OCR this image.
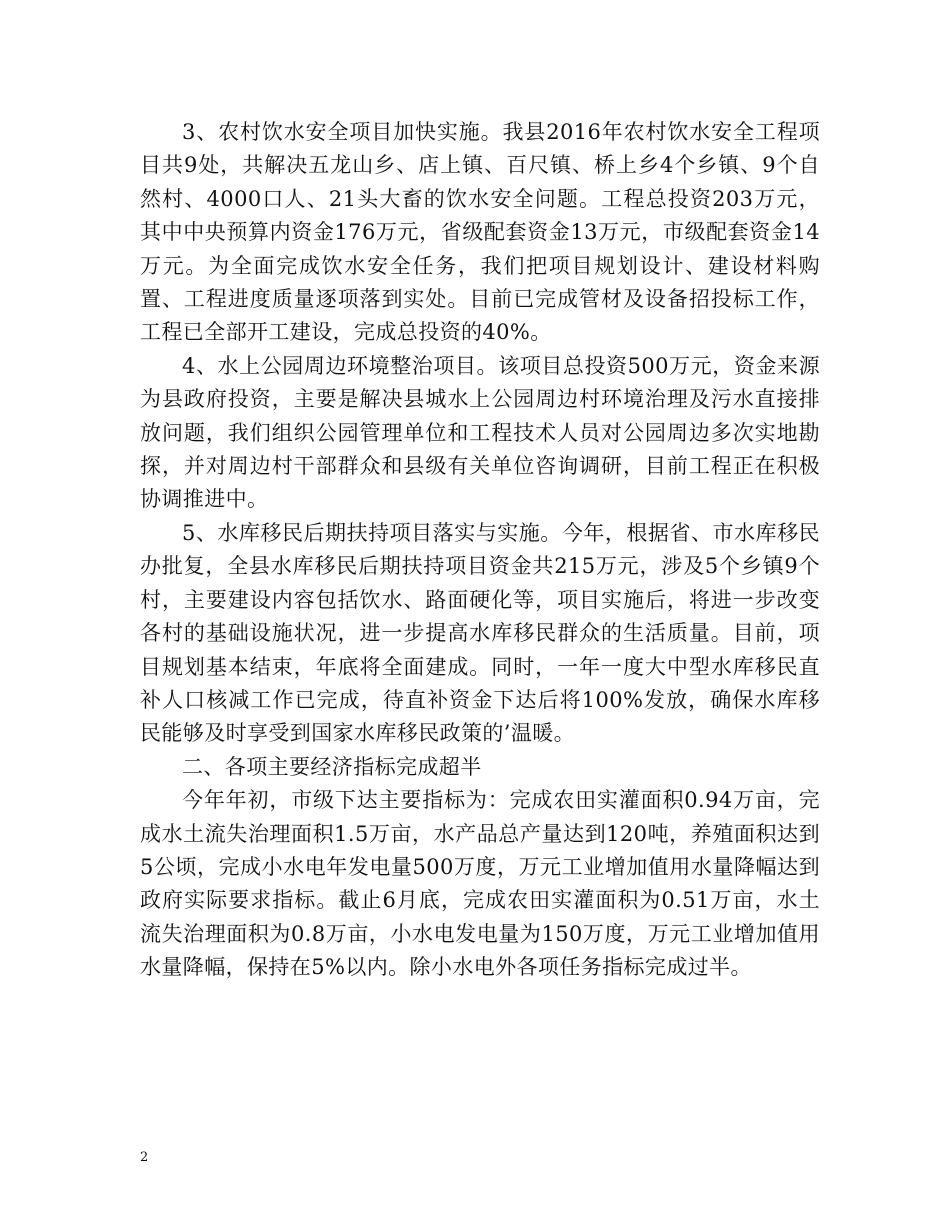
3、农村饮水安全项目加快实施。我县2016年农村饮水安全工程项目共9处，共解决五龙山乡、店上镇、百尺镇、桥上乡4个乡镇、9个自然村、4000口人、21头大畜的饮水安全问题。工程总投资203万元，其中中央预算内资金176万元，省级配套资金13万元，市级配套资金14万元。为全面完成饮水安全任务，我们把项目规划设计、建设材料购置、工程进度质量逐项落到实处。目前已完成管材及设备招投标工作，工程已全部开工建设，完成总投资的40%。

4、水上公园周边环境整治项目。该项目总投资500万元，资金来源为县政府投资，主要是解决县城水上公园周边村环境治理及污水直接排放问题，我们组织公园管理单位和工程技术人员对公园周边多次实地勘探，并对周边村干部群众和县级有关单位咨询调研，目前工程正在积极协调推进中。

5、水库移民后期扶持项目落实与实施。今年，根据省、市水库移民办批复，全县水库移民后期扶持项目资金共215万元，涉及5个乡镇9个村，主要建设内容包括饮水、路面硬化等，项目实施后，将进一步改变各村的基础设施状况，进一步提高水库移民群众的生活质量。目前，项目规划基本结束，年底将全面建成。同时，一年一度大中型水库移民直补人口核减工作已完成，待直补资金下达后将100%发放，确保水库移民能够及时享受到国家水库移民政策的’温暖。

二、各项主要经济指标完成超半

今年年初，市级下达主要指标为：完成农田实灌面积0.94万亩，完成水土流失治理面积1.5万亩，水产品总产量达到120吨，养殖面积达到5公顷，完成小水电年发电量500万度，万元工业增加值用水量降幅达到政府实际要求指标。截止6月底，完成农田实灌面积为0.51万亩，水土流失治理面积为0.8万亩，小水电发电量为150万度，万元工业增加值用水量降幅，保持在5%以内。除小水电外各项任务指标完成过半。

2
